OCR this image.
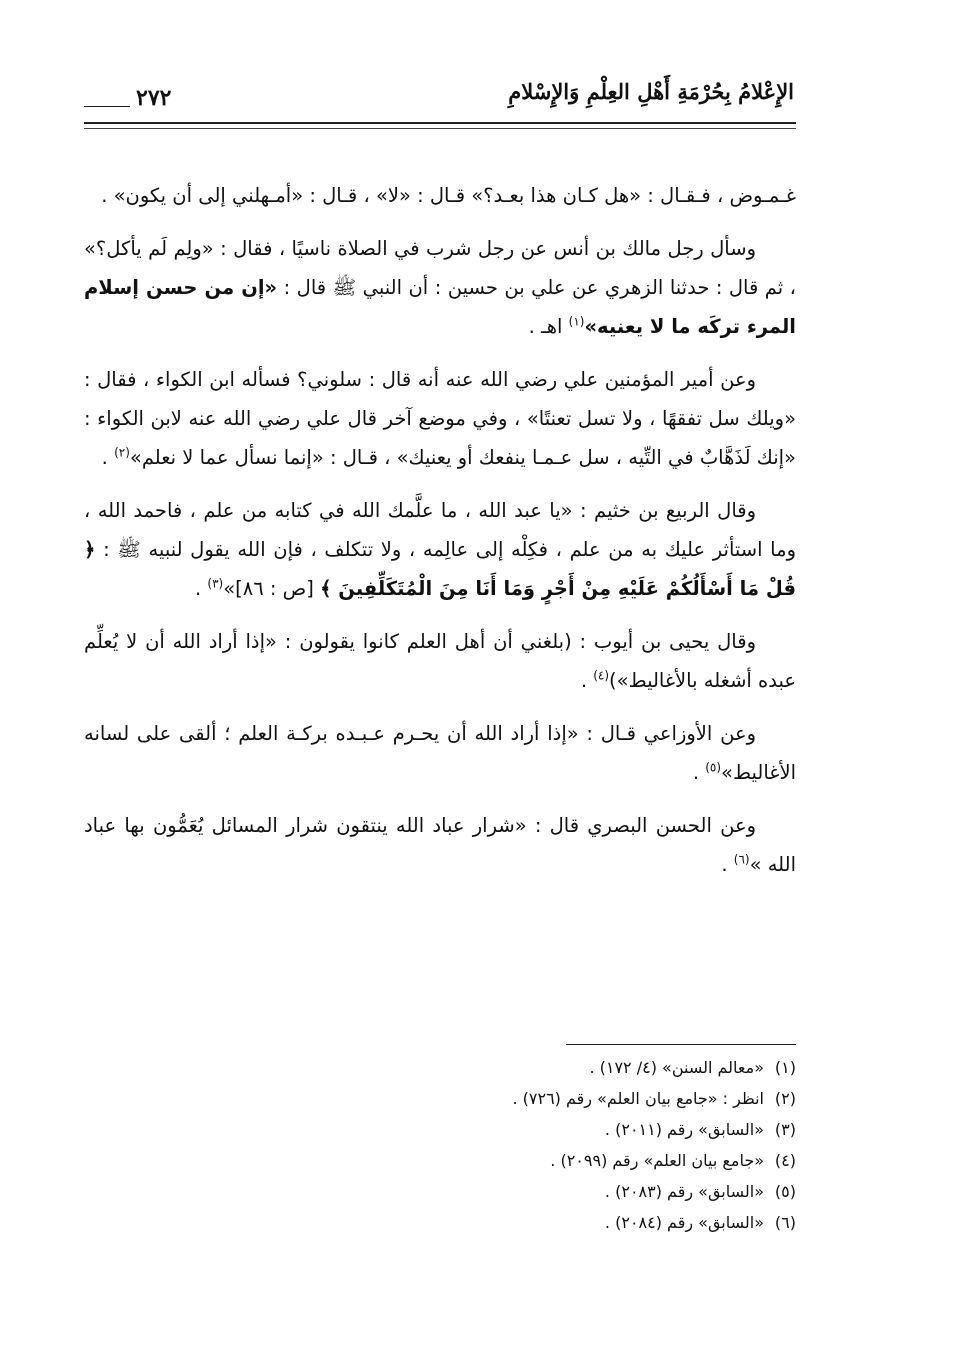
الإِعْلامُ بِحُرْمَةِ أَهْلِ العِلْمِ وَالإِسْلامِ
٢٧٢

غـمـوض ، فـقـال : «هل كـان هذا بعـد؟» قـال : «لا» ، قـال : «أمـهلني إلى أن يكون» .

وسأل رجل مالك بن أنس عن رجل شرب في الصلاة ناسيًا ، فقال : «ولِم لَم يأكل؟» ، ثم قال : حدثنا الزهري عن علي بن حسين : أن النبي ﷺ قال : «إن من حسن إسلام المرء تركَه ما لا يعنيه»$^{(١)}$ اهـ .

وعن أمير المؤمنين علي رضي الله عنه أنه قال : سلوني؟ فسأله ابن الكواء ، فقال : «ويلك سل تفقهًا ، ولا تسل تعنتًا» ، وفي موضع آخر قال علي رضي الله عنه لابن الكواء : «إنك لَذَهَّابٌ في التِّيه ، سل عـمـا ينفعك أو يعنيك» ، قـال : «إنما نسأل عما لا نعلم»$^{(٢)}$ .

وقال الربيع بن خثيم : «يا عبد الله ، ما علَّمك الله في كتابه من علم ، فاحمد الله ، وما استأثر عليك به من علم ، فكِلْه إلى عالِمه ، ولا تتكلف ، فإن الله يقول لنبيه ﷺ : ﴿ قُلْ مَا أَسْأَلُكُمْ عَلَيْهِ مِنْ أَجْرٍ وَمَا أَنَا مِنَ الْمُتَكَلِّفِينَ ﴾ [ص : ٨٦]»$^{(٣)}$ .

وقال يحيى بن أيوب : (بلغني أن أهل العلم كانوا يقولون : «إذا أراد الله أن لا يُعلِّم عبده أشغله بالأغاليط»)$^{(٤)}$ .

وعن الأوزاعي قـال : «إذا أراد الله أن يحـرم عـبـده بركـة العلم ؛ ألقى على لسانه الأغاليط»$^{(٥)}$ .

وعن الحسن البصري قال : «شرار عباد الله ينتقون شرار المسائل يُعَمُّون بها عباد الله »$^{(٦)}$ .

(١)«معالم السنن» (٤/ ١٧٢) .
(٢)انظر : «جامع بيان العلم» رقم (٧٢٦) .
(٣)«السابق» رقم (٢٠١١) .
(٤)«جامع بيان العلم» رقم (٢٠٩٩) .
(٥)«السابق» رقم (٢٠٨٣) .
(٦)«السابق» رقم (٢٠٨٤) .
